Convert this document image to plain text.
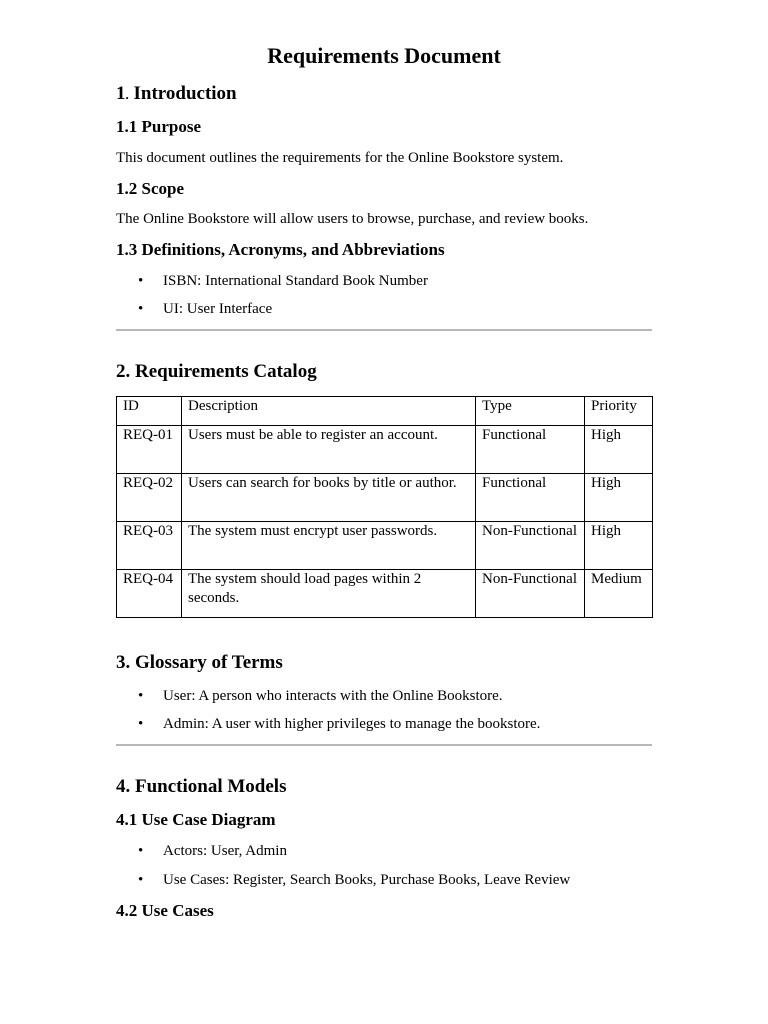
Requirements Document
1. Introduction
1.1 Purpose

This document outlines the requirements for the Online Bookstore system.

1.2 Scope

The Online Bookstore will allow users to browse, purchase, and review books.

1.3 Definitions, Acronyms, and Abbreviations
• ISBN: International Standard Book Number
• UI: User Interface
2. Requirements Catalog
ID	Description	Type	Priority
REQ-01	Users must be able to register an account.	Functional	High
REQ-02	Users can search for books by title or author.	Functional	High
REQ-03	The system must encrypt user passwords.	Non-Functional	High
REQ-04	The system should load pages within 2 seconds.	Non-Functional	Medium
3. Glossary of Terms
• User: A person who interacts with the Online Bookstore.
• Admin: A user with higher privileges to manage the bookstore.
4. Functional Models
4.1 Use Case Diagram
• Actors: User, Admin
• Use Cases: Register, Search Books, Purchase Books, Leave Review
4.2 Use Cases
